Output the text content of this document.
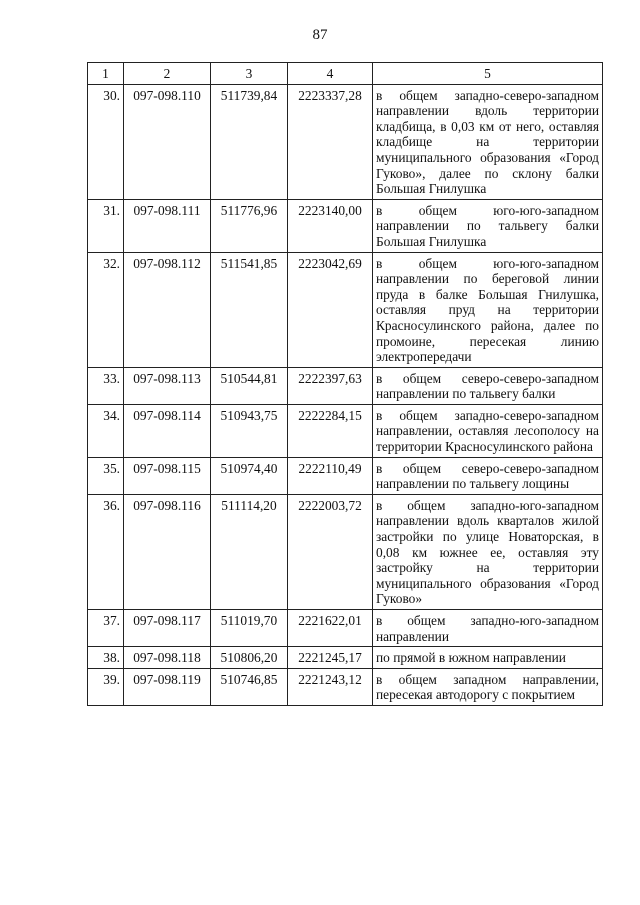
87
1	2	3	4	5
30.	097-098.110	511739,84	2223337,28	в общем западно-северо-западном направлении вдоль территории кладбища, в 0,03 км от него, оставляя кладбище на территории муниципального образования «Город Гуково», далее по склону балки Большая Гнилушка
31.	097-098.111	511776,96	2223140,00	в общем юго-юго-западном направлении по тальвегу балки Большая Гнилушка
32.	097-098.112	511541,85	2223042,69	в общем юго-юго-западном направлении по береговой линии пруда в балке Большая Гнилушка, оставляя пруд на территории Красносулинского района, далее по промоине, пересекая линию электропередачи
33.	097-098.113	510544,81	2222397,63	в общем северо-северо-западном направлении по тальвегу балки
34.	097-098.114	510943,75	2222284,15	в общем западно-северо-западном направлении, оставляя лесополосу на территории Красносулинского района
35.	097-098.115	510974,40	2222110,49	в общем северо-северо-западном направлении по тальвегу лощины
36.	097-098.116	511114,20	2222003,72	в общем западно-юго-западном направлении вдоль кварталов жилой застройки по улице Новаторская, в 0,08 км южнее ее, оставляя эту застройку на территории муниципального образования «Город Гуково»
37.	097-098.117	511019,70	2221622,01	в общем западно-юго-западном направлении
38.	097-098.118	510806,20	2221245,17	по прямой в южном направлении
39.	097-098.119	510746,85	2221243,12	в общем западном направлении, пересекая автодорогу с покрытием
